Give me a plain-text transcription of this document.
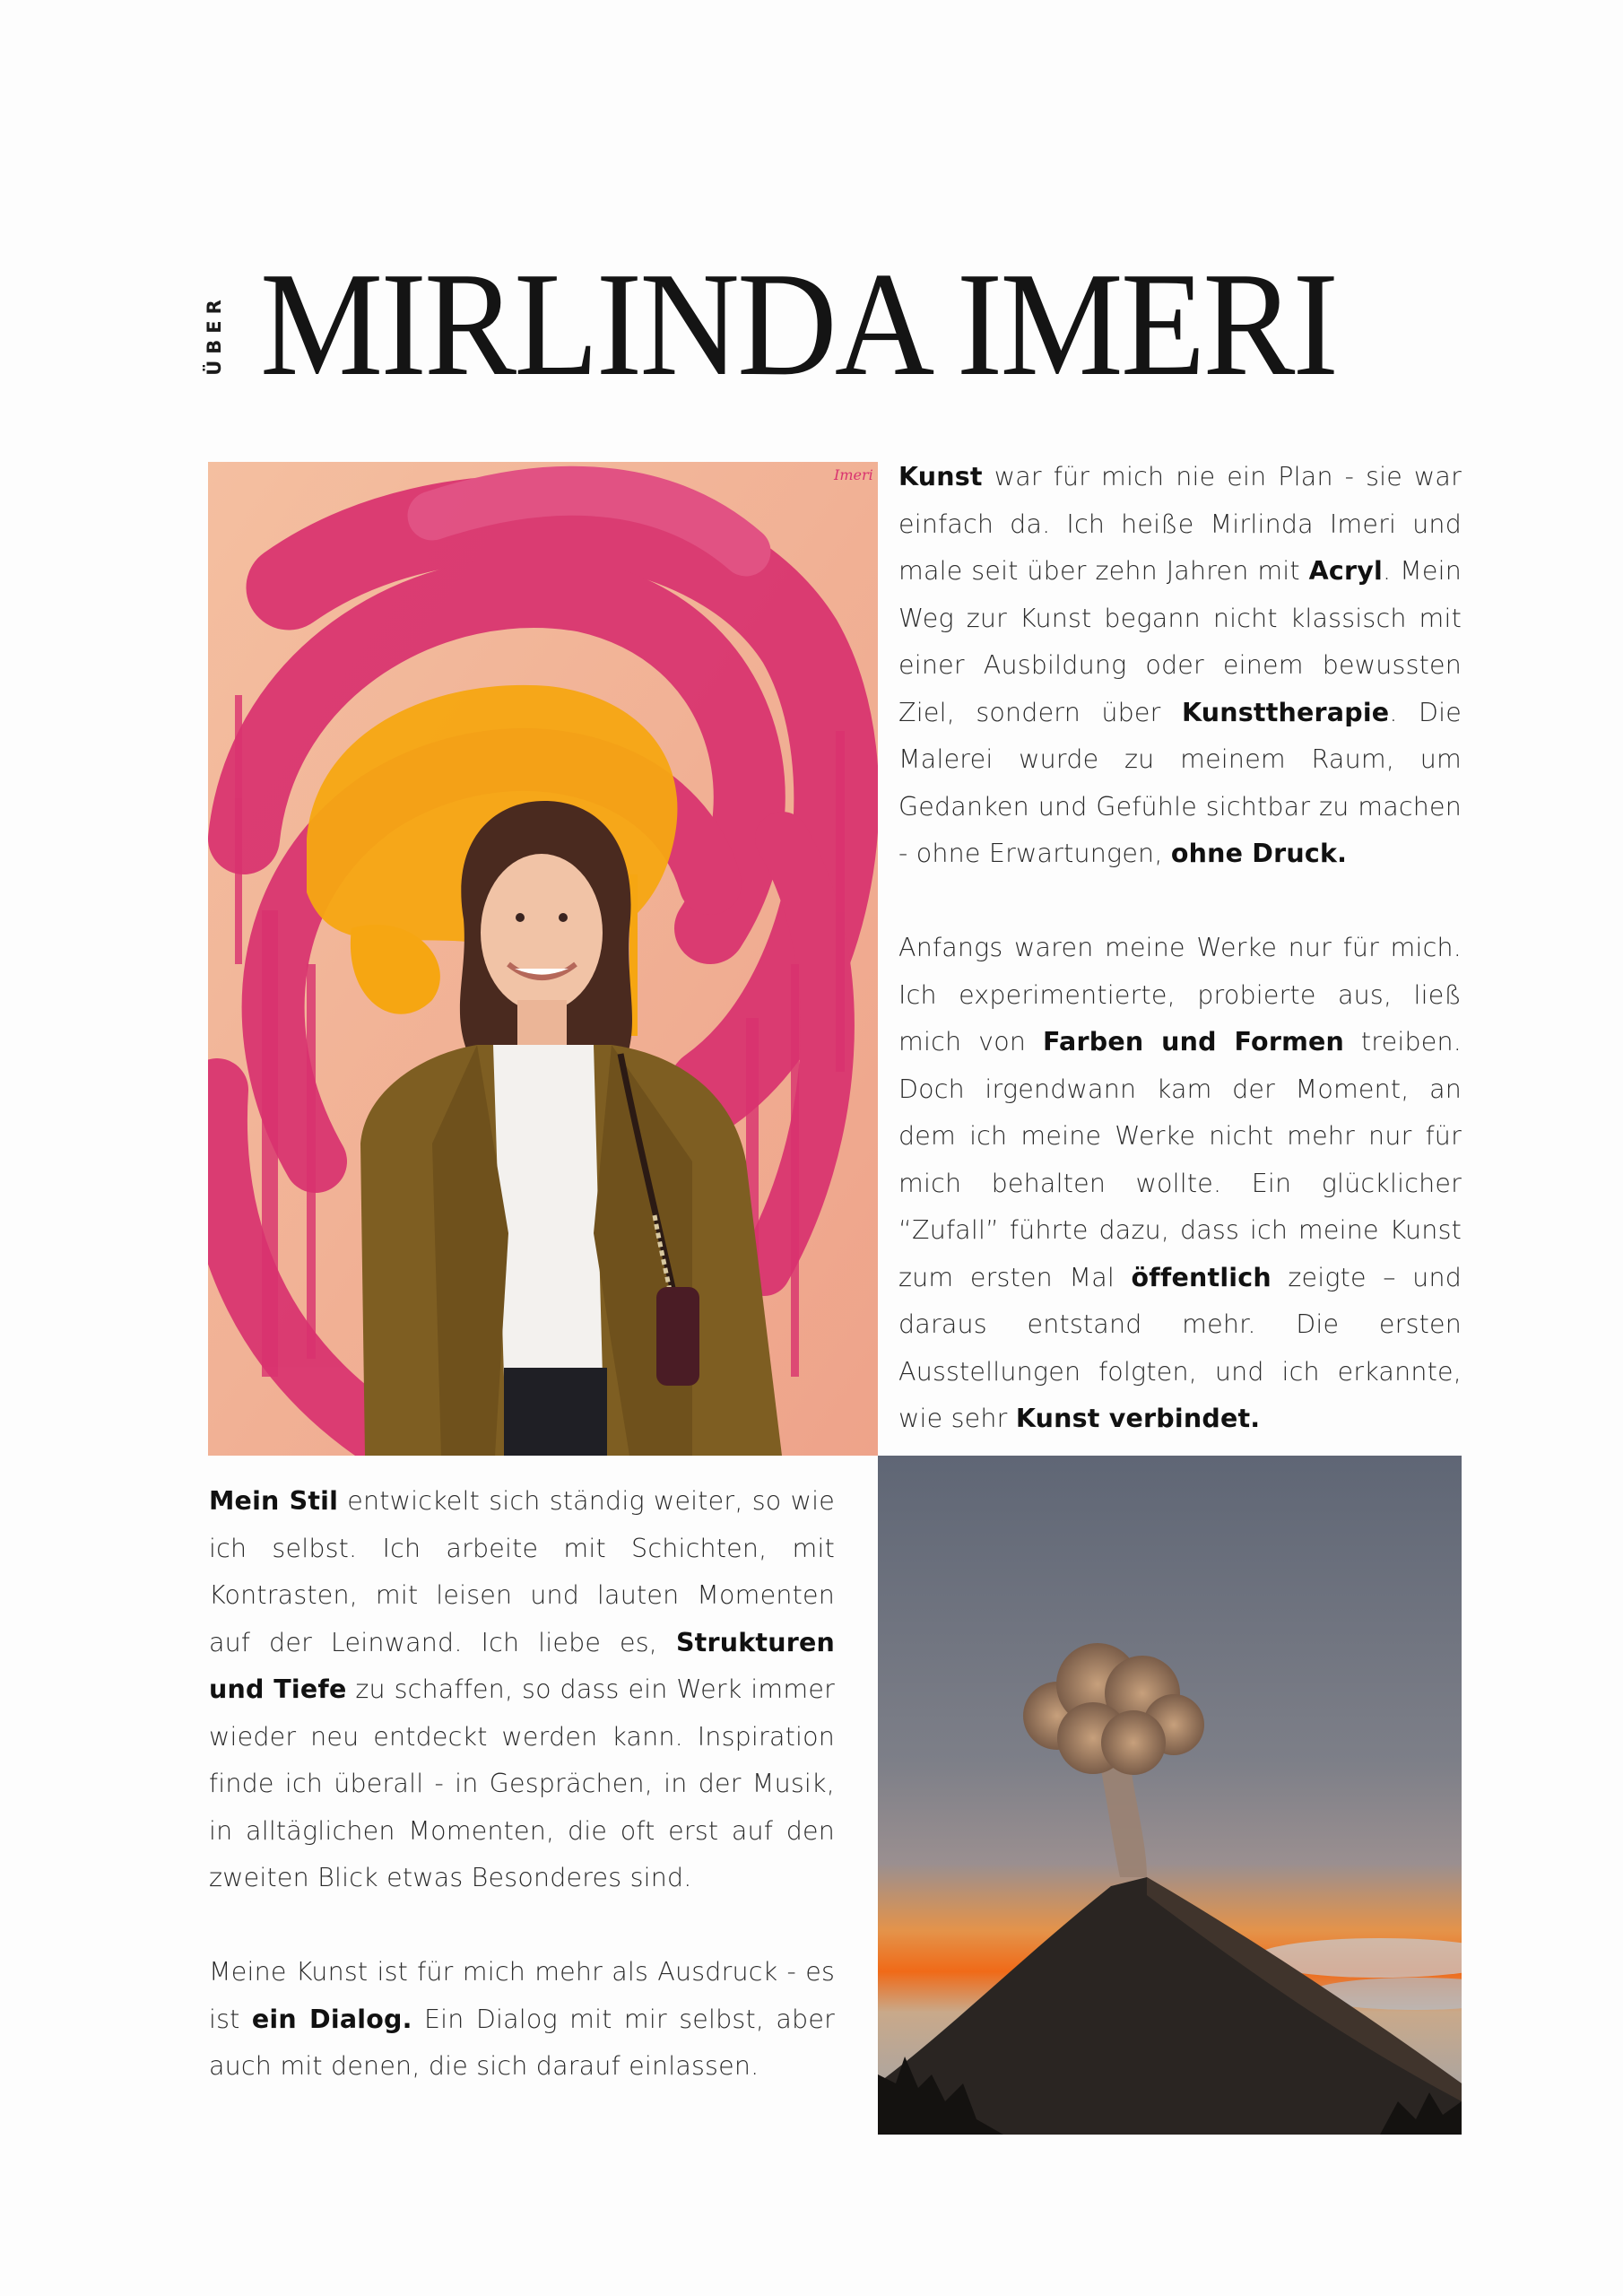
ÜBER MIRLINDA IMERI
Imeri Kunst war für mich nie ein Plan - sie war einfach da. Ich heiße Mirlinda Imeri und male seit über zehn Jahren mit Acryl. Mein Weg zur Kunst begann nicht klassisch mit einer Ausbildung oder einem bewussten Ziel, sondern über Kunsttherapie. Die Malerei wurde zu meinem Raum, um Gedanken und Gefühle sichtbar zu machen - ohne Erwartungen, ohne Druck.

Anfangs waren meine Werke nur für mich. Ich experimentierte, probierte aus, ließ mich von Farben und Formen treiben. Doch irgendwann kam der Moment, an dem ich meine Werke nicht mehr nur für mich behalten wollte. Ein glücklicher “Zufall” führte dazu, dass ich meine Kunst zum ersten Mal öffentlich zeigte – und daraus entstand mehr. Die ersten Ausstellungen folgten, und ich erkannte, wie sehr Kunst verbindet.

Mein Stil entwickelt sich ständig weiter, so wie ich selbst. Ich arbeite mit Schichten, mit Kontrasten, mit leisen und lauten Momenten auf der Leinwand. Ich liebe es, Strukturen und Tiefe zu schaffen, so dass ein Werk immer wieder neu entdeckt werden kann. Inspiration finde ich überall - in Gesprächen, in der Musik, in alltäglichen Momenten, die oft erst auf den zweiten Blick etwas Besonderes sind.

Meine Kunst ist für mich mehr als Ausdruck - es ist ein Dialog. Ein Dialog mit mir selbst, aber auch mit denen, die sich darauf einlassen.
